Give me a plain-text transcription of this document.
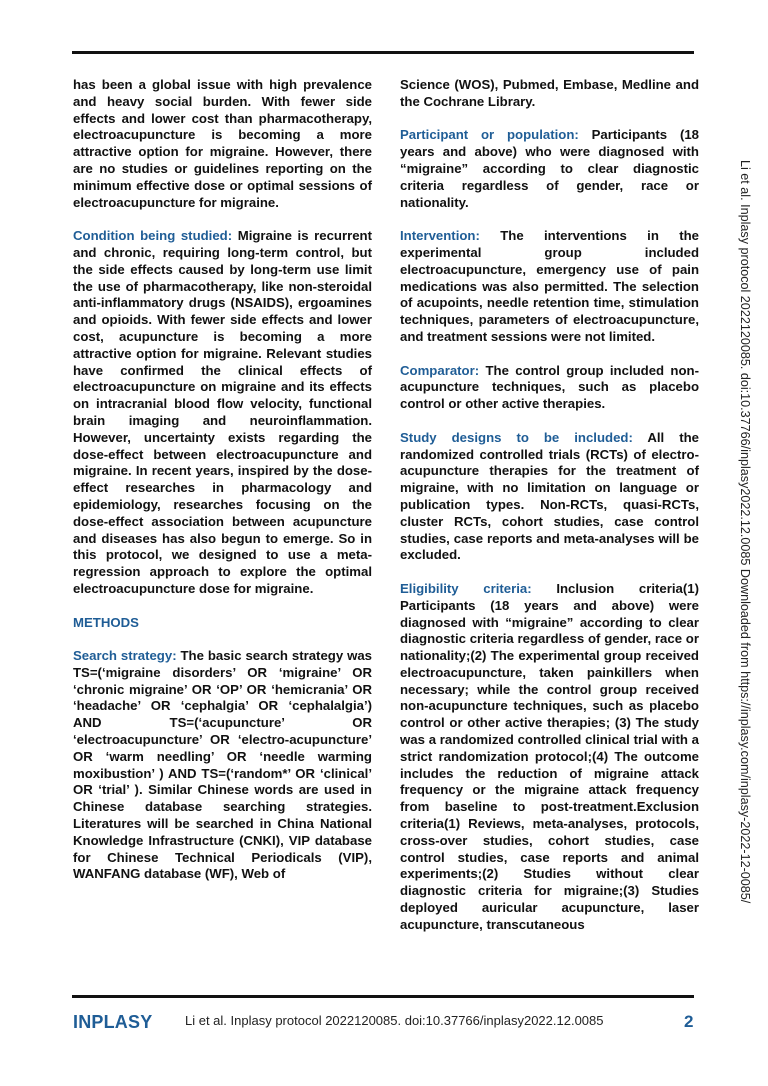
has been a global issue with high prevalence and heavy social burden. With fewer side effects and lower cost than pharmacotherapy, electroacupuncture is becoming a more attractive option for migraine. However, there are no studies or guidelines reporting on the minimum effective dose or optimal sessions of electroacupuncture for migraine.

Condition being studied: Migraine is recurrent and chronic, requiring long-term control, but the side effects caused by long-term use limit the use of pharmacotherapy, like non-steroidal anti-inflammatory drugs (NSAIDS), ergoamines and opioids. With fewer side effects and lower cost, acupuncture is becoming a more attractive option for migraine. Relevant studies have confirmed the clinical effects of electroacupuncture on migraine and its effects on intracranial blood flow velocity, functional brain imaging and neuroinflammation. However, uncertainty exists regarding the dose-effect between electroacupuncture and migraine. In recent years, inspired by the dose-effect researches in pharmacology and epidemiology, researches focusing on the dose-effect association between acupuncture and diseases has also begun to emerge. So in this protocol, we designed to use a meta-regression approach to explore the optimal electroacupuncture dose for migraine.

METHODS

Search strategy: The basic search strategy was TS=(‘migraine disorders’ OR ‘migraine’ OR ‘chronic migraine’ OR ‘OP’ OR ‘hemicrania’ OR ‘headache’ OR ‘cephalgia’ OR ‘cephalalgia’) AND TS=(‘acupuncture’ OR ‘electroacupuncture’ OR ‘electro-acupuncture’ OR ‘warm needling’ OR ‘needle warming moxibustion’ ) AND TS=(‘random*’ OR ‘clinical’ OR ‘trial’ ). Similar Chinese words are used in Chinese database searching strategies. Literatures will be searched in China National Knowledge Infrastructure (CNKI), VIP database for Chinese Technical Periodicals (VIP), WANFANG database (WF), Web of

Science (WOS), Pubmed, Embase, Medline and the Cochrane Library.

Participant or population: Participants (18 years and above) who were diagnosed with “migraine” according to clear diagnostic criteria regardless of gender, race or nationality.

Intervention: The interventions in the experimental group included electroacupuncture, emergency use of pain medications was also permitted. The selection of acupoints, needle retention time, stimulation techniques, parameters of electroacupuncture, and treatment sessions were not limited.

Comparator: The control group included non-acupuncture techniques, such as placebo control or other active therapies.

Study designs to be included: All the randomized controlled trials (RCTs) of electro-acupuncture therapies for the treatment of migraine, with no limitation on language or publication types. Non-RCTs, quasi-RCTs, cluster RCTs, cohort studies, case control studies, case reports and meta-analyses will be excluded.

Eligibility criteria: Inclusion criteria(1) Participants (18 years and above) were diagnosed with “migraine” according to clear diagnostic criteria regardless of gender, race or nationality;(2) The experimental group received electroacupuncture, taken painkillers when necessary; while the control group received non-acupuncture techniques, such as placebo control or other active therapies; (3) The study was a randomized controlled clinical trial with a strict randomization protocol;(4) The outcome includes the reduction of migraine attack frequency or the migraine attack frequency from baseline to post-treatment.Exclusion criteria(1) Reviews, meta-analyses, protocols, cross-over studies, cohort studies, case control studies, case reports and animal experiments;(2) Studies without clear diagnostic criteria for migraine;(3) Studies deployed auricular acupuncture, laser acupuncture, transcutaneous

INPLASY	Li et al. Inplasy protocol 2022120085. doi:10.37766/inplasy2022.12.0085	2
Li et al. Inplasy protocol 2022120085. doi:10.37766/inplasy2022.12.0085 Downloaded from https://inplasy.com/inplasy-2022-12-0085/
